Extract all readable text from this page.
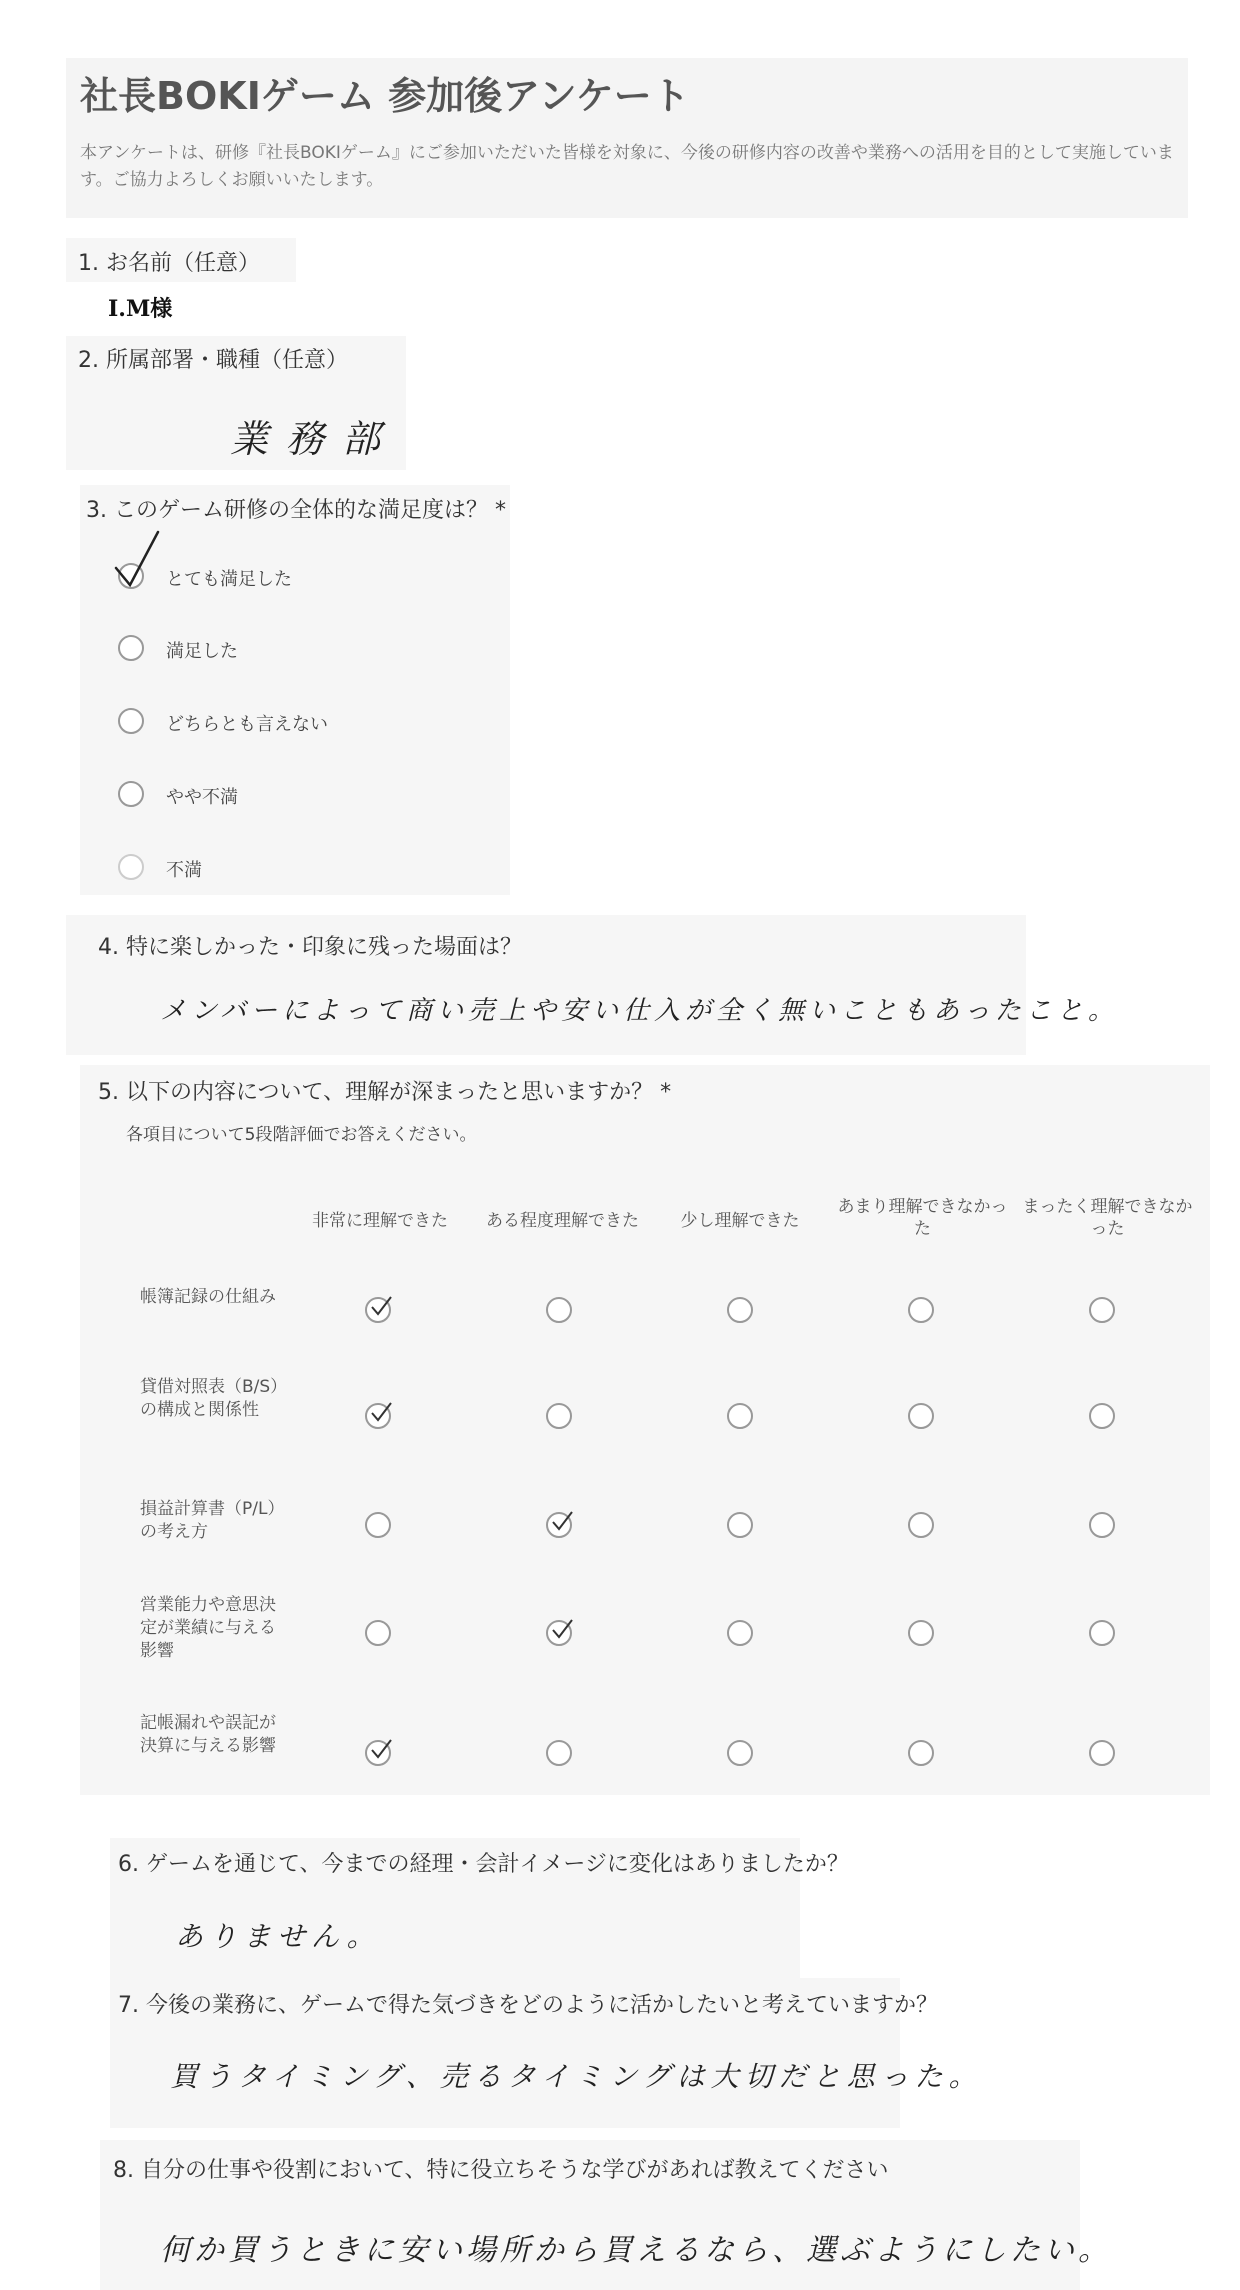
社長BOKIゲーム 参加後アンケート
本アンケートは、研修『社長BOKIゲーム』にご参加いただいた皆様を対象に、今後の研修内容の改善や業務への活用を目的として実施しています。ご協力よろしくお願いいたします。
1. お名前（任意）
I.M様
2. 所属部署・職種（任意）
業務部
3. このゲーム研修の全体的な満足度は？ *
とても満足した
満足した
どちらとも言えない
やや不満
不満
4. 特に楽しかった・印象に残った場面は？
メンバーによって商い売上や安い仕入が全く無いこともあったこと。
5. 以下の内容について、理解が深まったと思いますか？ *
各項目について5段階評価でお答えください。
非常に理解できた	ある程度理解できた	少し理解できた
あまり理解できなかった
まったく理解できなかった
帳簿記録の仕組み
貸借対照表（B/S）の構成と関係性
損益計算書（P/L）の考え方
営業能力や意思決定が業績に与える影響
記帳漏れや誤記が決算に与える影響
6. ゲームを通じて、今までの経理・会計イメージに変化はありましたか？
ありません。
7. 今後の業務に、ゲームで得た気づきをどのように活かしたいと考えていますか？
買うタイミング、売るタイミングは大切だと思った。
8. 自分の仕事や役割において、特に役立ちそうな学びがあれば教えてください
何か買うときに安い場所から買えるなら、選ぶようにしたい。
